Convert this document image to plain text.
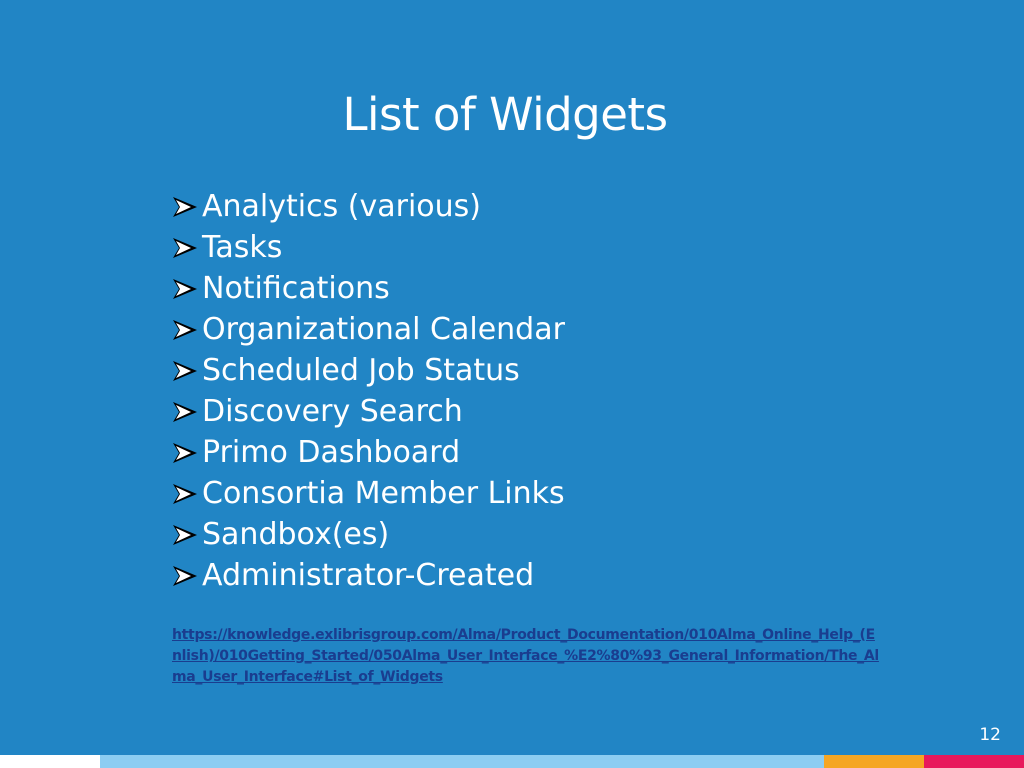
List of Widgets
Analytics (various)
Tasks
Notifications
Organizational Calendar
Scheduled Job Status
Discovery Search
Primo Dashboard
Consortia Member Links
Sandbox(es)
Administrator-Created
https://knowledge.exlibrisgroup.com/Alma/Product_Documentation/010Alma_Online_Help_(Enlish)/010Getting_Started/050Alma_User_Interface_%E2%80%93_General_Information/The_Alma_User_Interface#List_of_Widgets
12
